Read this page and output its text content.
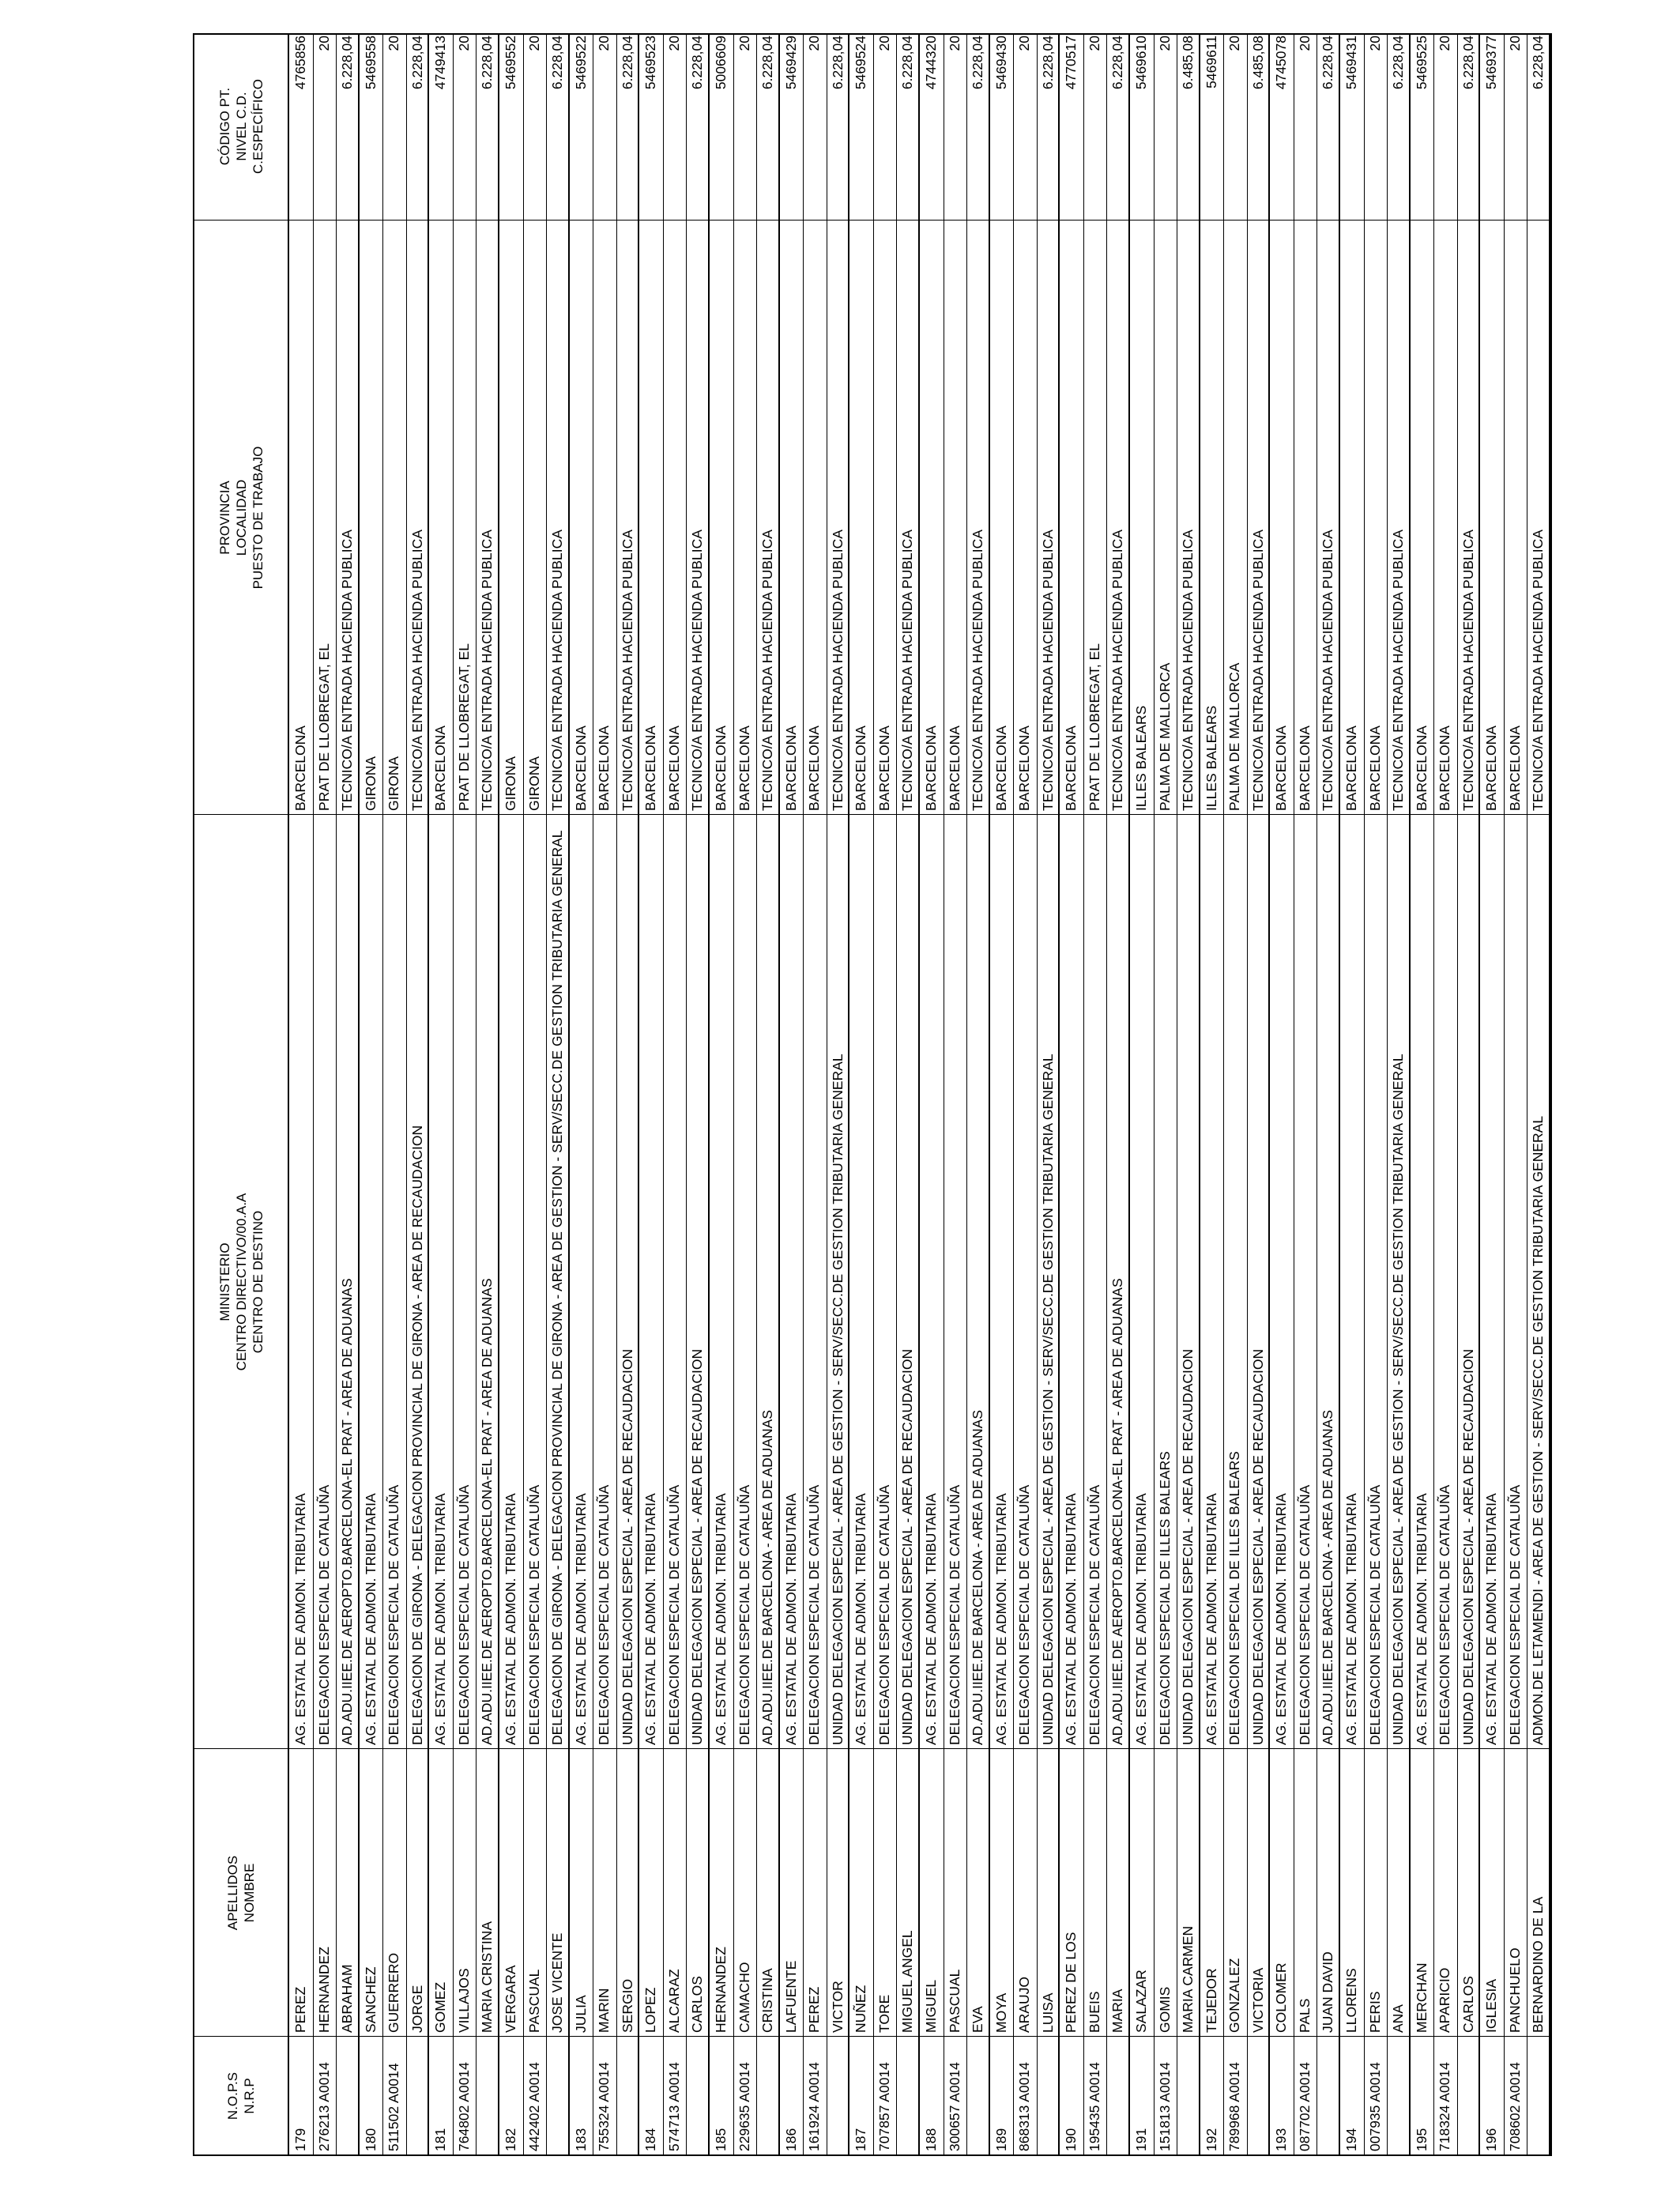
N.O.P.S N.R.P
APELLIDOS NOMBRE
MINISTERIO CENTRO DIRECTIVO/00.A.A CENTRO DE DESTINO
PROVINCIA LOCALIDAD PUESTO DE TRABAJO
CÓDIGO PT. NIVEL C.D. C.ESPECÍFICO
179
PEREZ
AG. ESTATAL DE ADMON. TRIBUTARIA
BARCELONA
4765856
276213 A0014
HERNANDEZ
DELEGACION ESPECIAL DE CATALUÑA
PRAT DE LLOBREGAT, EL
20
ABRAHAM
AD.ADU.IIEE.DE AEROPTO.BARCELONA-EL PRAT - AREA DE ADUANAS
TECNICO/A ENTRADA HACIENDA PUBLICA
6.228,04
180
SANCHEZ
AG. ESTATAL DE ADMON. TRIBUTARIA
GIRONA
5469558
511502 A0014
GUERRERO
DELEGACION ESPECIAL DE CATALUÑA
GIRONA
20
JORGE
DELEGACION DE GIRONA - DELEGACION PROVINCIAL DE GIRONA - AREA DE RECAUDACION
TECNICO/A ENTRADA HACIENDA PUBLICA
6.228,04
181
GOMEZ
AG. ESTATAL DE ADMON. TRIBUTARIA
BARCELONA
4749413
764802 A0014
VILLAJOS
DELEGACION ESPECIAL DE CATALUÑA
PRAT DE LLOBREGAT, EL
20
MARIA CRISTINA
AD.ADU.IIEE.DE AEROPTO.BARCELONA-EL PRAT - AREA DE ADUANAS
TECNICO/A ENTRADA HACIENDA PUBLICA
6.228,04
182
VERGARA
AG. ESTATAL DE ADMON. TRIBUTARIA
GIRONA
5469552
442402 A0014
PASCUAL
DELEGACION ESPECIAL DE CATALUÑA
GIRONA
20
JOSE VICENTE
DELEGACION DE GIRONA - DELEGACION PROVINCIAL DE GIRONA - AREA DE GESTION - SERV/SECC.DE GESTION TRIBUTARIA GENERAL
TECNICO/A ENTRADA HACIENDA PUBLICA
6.228,04
183
JULIA
AG. ESTATAL DE ADMON. TRIBUTARIA
BARCELONA
5469522
755324 A0014
MARIN
DELEGACION ESPECIAL DE CATALUÑA
BARCELONA
20
SERGIO
UNIDAD DELEGACION ESPECIAL - AREA DE RECAUDACION
TECNICO/A ENTRADA HACIENDA PUBLICA
6.228,04
184
LOPEZ
AG. ESTATAL DE ADMON. TRIBUTARIA
BARCELONA
5469523
574713 A0014
ALCARAZ
DELEGACION ESPECIAL DE CATALUÑA
BARCELONA
20
CARLOS
UNIDAD DELEGACION ESPECIAL - AREA DE RECAUDACION
TECNICO/A ENTRADA HACIENDA PUBLICA
6.228,04
185
HERNANDEZ
AG. ESTATAL DE ADMON. TRIBUTARIA
BARCELONA
5006609
229635 A0014
CAMACHO
DELEGACION ESPECIAL DE CATALUÑA
BARCELONA
20
CRISTINA
AD.ADU.IIEE.DE BARCELONA - AREA DE ADUANAS
TECNICO/A ENTRADA HACIENDA PUBLICA
6.228,04
186
LAFUENTE
AG. ESTATAL DE ADMON. TRIBUTARIA
BARCELONA
5469429
161924 A0014
PEREZ
DELEGACION ESPECIAL DE CATALUÑA
BARCELONA
20
VICTOR
UNIDAD DELEGACION ESPECIAL - AREA DE GESTION - SERV/SECC.DE GESTION TRIBUTARIA GENERAL
TECNICO/A ENTRADA HACIENDA PUBLICA
6.228,04
187
NUÑEZ
AG. ESTATAL DE ADMON. TRIBUTARIA
BARCELONA
5469524
707857 A0014
TORE
DELEGACION ESPECIAL DE CATALUÑA
BARCELONA
20
MIGUEL ANGEL
UNIDAD DELEGACION ESPECIAL - AREA DE RECAUDACION
TECNICO/A ENTRADA HACIENDA PUBLICA
6.228,04
188
MIGUEL
AG. ESTATAL DE ADMON. TRIBUTARIA
BARCELONA
4744320
300657 A0014
PASCUAL
DELEGACION ESPECIAL DE CATALUÑA
BARCELONA
20
EVA
AD.ADU.IIEE.DE BARCELONA - AREA DE ADUANAS
TECNICO/A ENTRADA HACIENDA PUBLICA
6.228,04
189
MOYA
AG. ESTATAL DE ADMON. TRIBUTARIA
BARCELONA
5469430
868313 A0014
ARAUJO
DELEGACION ESPECIAL DE CATALUÑA
BARCELONA
20
LUISA
UNIDAD DELEGACION ESPECIAL - AREA DE GESTION - SERV/SECC.DE GESTION TRIBUTARIA GENERAL
TECNICO/A ENTRADA HACIENDA PUBLICA
6.228,04
190
PEREZ DE LOS
AG. ESTATAL DE ADMON. TRIBUTARIA
BARCELONA
4770517
195435 A0014
BUEIS
DELEGACION ESPECIAL DE CATALUÑA
PRAT DE LLOBREGAT, EL
20
MARIA
AD.ADU.IIEE.DE AEROPTO.BARCELONA-EL PRAT - AREA DE ADUANAS
TECNICO/A ENTRADA HACIENDA PUBLICA
6.228,04
191
SALAZAR
AG. ESTATAL DE ADMON. TRIBUTARIA
ILLES BALEARS
5469610
151813 A0014
GOMIS
DELEGACION ESPECIAL DE ILLES BALEARS
PALMA DE MALLORCA
20
MARIA CARMEN
UNIDAD DELEGACION ESPECIAL - AREA DE RECAUDACION
TECNICO/A ENTRADA HACIENDA PUBLICA
6.485,08
192
TEJEDOR
AG. ESTATAL DE ADMON. TRIBUTARIA
ILLES BALEARS
5469611
789968 A0014
GONZALEZ
DELEGACION ESPECIAL DE ILLES BALEARS
PALMA DE MALLORCA
20
VICTORIA
UNIDAD DELEGACION ESPECIAL - AREA DE RECAUDACION
TECNICO/A ENTRADA HACIENDA PUBLICA
6.485,08
193
COLOMER
AG. ESTATAL DE ADMON. TRIBUTARIA
BARCELONA
4745078
087702 A0014
PALS
DELEGACION ESPECIAL DE CATALUÑA
BARCELONA
20
JUAN DAVID
AD.ADU.IIEE.DE BARCELONA - AREA DE ADUANAS
TECNICO/A ENTRADA HACIENDA PUBLICA
6.228,04
194
LLORENS
AG. ESTATAL DE ADMON. TRIBUTARIA
BARCELONA
5469431
007935 A0014
PERIS
DELEGACION ESPECIAL DE CATALUÑA
BARCELONA
20
ANA
UNIDAD DELEGACION ESPECIAL - AREA DE GESTION - SERV/SECC.DE GESTION TRIBUTARIA GENERAL
TECNICO/A ENTRADA HACIENDA PUBLICA
6.228,04
195
MERCHAN
AG. ESTATAL DE ADMON. TRIBUTARIA
BARCELONA
5469525
718324 A0014
APARICIO
DELEGACION ESPECIAL DE CATALUÑA
BARCELONA
20
CARLOS
UNIDAD DELEGACION ESPECIAL - AREA DE RECAUDACION
TECNICO/A ENTRADA HACIENDA PUBLICA
6.228,04
196
IGLESIA
AG. ESTATAL DE ADMON. TRIBUTARIA
BARCELONA
5469377
708602 A0014
PANCHUELO
DELEGACION ESPECIAL DE CATALUÑA
BARCELONA
20
BERNARDINO DE LA
ADMON.DE LETAMENDI - AREA DE GESTION - SERV/SECC.DE GESTION TRIBUTARIA GENERAL
TECNICO/A ENTRADA HACIENDA PUBLICA
6.228,04
